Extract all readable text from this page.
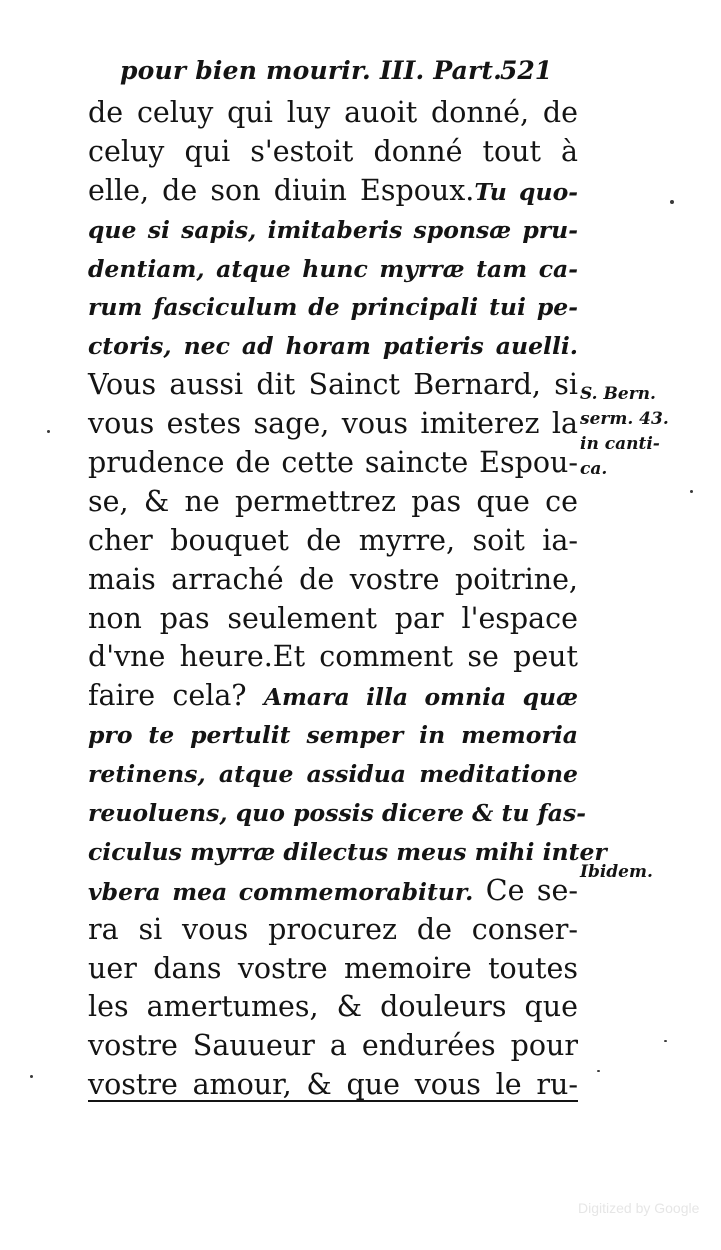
pour bien mourir. III. Part.
521
de celuy qui luy auoit donné, de
celuy qui s'estoit donné tout à
elle, de son diuin Espoux.Tu quo-
que si sapis, imitaberis sponsæ pru-
dentiam, atque hunc myrræ tam ca-
rum fasciculum de principali tui pe-
ctoris, nec ad horam patieris auelli.
Vous aussi dit Sainct Bernard, si
vous estes sage, vous imiterez la
prudence de cette saincte Espou-
se, & ne permettrez pas que ce
cher bouquet de myrre, soit ia-
mais arraché de vostre poitrine,
non pas seulement par l'espace
d'vne heure.Et comment se peut
faire cela? Amara illa omnia quæ
pro te pertulit semper in memoria
retinens, atque assidua meditatione
reuoluens, quo possis dicere & tu fas-
ciculus myrræ dilectus meus mihi inter
vbera mea commemorabitur. Ce se-
ra si vous procurez de conser-
uer dans vostre memoire toutes
les amertumes, & douleurs que
vostre Sauueur a endurées pour
vostre amour, & que vous le ru-
S. Bern.
serm. 43.
in canti-
ca.
Ibidem.
Digitized by Google
